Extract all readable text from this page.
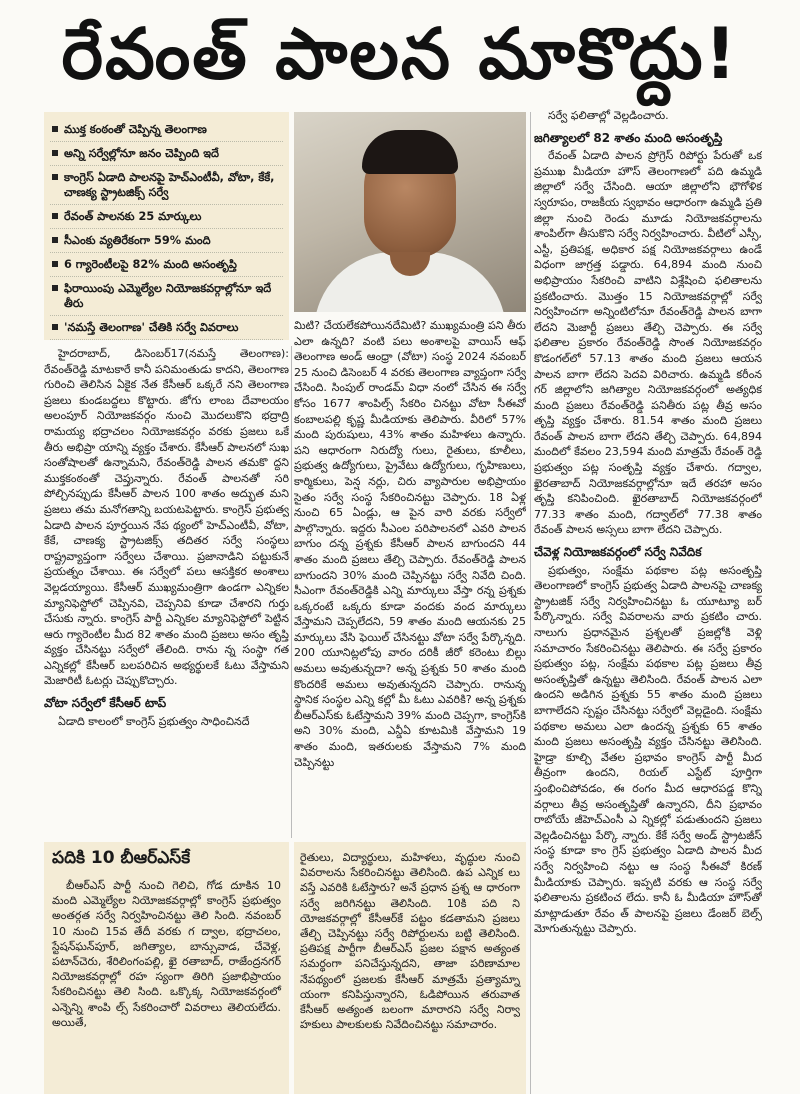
రేవంత్ పాలన మాకొద్దు!
ముక్త కంఠంతో చెప్పిన్న తెలంగాణ
అన్ని సర్వేల్లోనూ జనం చెప్పింది ఇదే
కాంగ్రెస్ ఏడాది పాలనపై హెచ్ఎంటీవీ, వోటా, కేకే, చాణక్య స్ట్రాటజిక్స్ సర్వే
రేవంత్ పాలనకు 25 మార్కులు
సీఎంకు వ్యతిరేకంగా 59% మంది
6 గ్యారెంటీలపై 82% మంది అసంతృప్తి
ఫిరాయింపు ఎమ్మెల్యేల నియోజకవర్గాల్లోనూ ఇదే తీరు
'నమస్తే తెలంగాణ' చేతికి సర్వే వివరాలు

హైదరాబాద్, డిసెంబర్17(నమస్తే తెలంగాణ): రేవంత్‌రెడ్డి మాటకారే కానీ పనిమంతుడు కాదని, తెలంగాణ గురించి తెలిసిన ఏకైక నేత కేసీఆర్ ఒక్కరే నని తెలంగాణ ప్రజలు కుండబద్దలు కొట్టారు. జోగు లాంబ దేవాలయం అలంపూర్ నియోజకవర్గం నుంచి మొదలుకొని భద్రాద్రి రామయ్య భద్రాచలం నియోజకవర్గం వరకు ప్రజలు ఒకే తీరు అభిప్రా యాన్ని వ్యక్తం చేశారు. కేసీఆర్ పాలనలో సుఖ సంతోషాలతో ఉన్నామని, రేవంత్‌రెడ్డి పాలన తమకొ ద్దని ముక్తకంఠంతో చెప్తున్నారు. రేవంత్ పాలనతో సరి పోల్చినప్పుడు కేసీఆర్ పాలన 100 శాతం అద్భుత మని ప్రజలు తమ మనోగతాన్ని బయటపెట్టారు. కాంగ్రెస్ ప్రభుత్వ ఏడాది పాలన పూర్తయిన నేప థ్యంలో హెచ్ఎంటీవీ, వోటా, కేకే, చాణక్య స్ట్రాటజిక్స్ తదితర సర్వే సంస్థలు రాష్ట్రవ్యాప్తంగా సర్వేలు చేశాయి. ప్రజానాడిని పట్టుకునే ప్రయత్నం చేశాయి. ఈ సర్వేలో పలు ఆసక్తికర అంశాలు వెల్లడయ్యాయి. కేసీఆర్ ముఖ్యమంత్రిగా ఉండగా ఎన్నికల మ్యానిఫెస్టోలో చెప్పినవి, చెప్పనివి కూడా చేశారని గుర్తు చేసుకు న్నారు. కాంగ్రెస్ పార్టీ ఎన్నికల మ్యానిఫెస్టోలో పెట్టిన ఆరు గ్యారెంటీల మీద 82 శాతం మంది ప్రజలు అసం తృప్తి వ్యక్తం చేసినట్టు సర్వేలో తేలింది. రాను న్న సంస్థా గత ఎన్నికల్లో కేసీఆర్ బలపరిచిన అభ్యర్థులకే ఓటు వేస్తామని మెజారిటీ ఓటర్లు చెప్పుకొచ్చారు.

వోటా సర్వేలో కేసీఆర్ టాప్

ఏడాది కాలంలో కాంగ్రెస్ ప్రభుత్వం సాధించినదే

మిటి? చేయలేకపోయినదేమిటి? ముఖ్యమంత్రి పని తీరు ఎలా ఉన్నది? వంటి పలు అంశాలపై వాయిస్ ఆఫ్ తెలంగాణ అండ్ ఆంధ్రా (వోటా) సంస్థ 2024 నవంబర్ 25 నుంచి డిసెంబర్ 4 వరకు తెలంగాణ వ్యాప్తంగా సర్వే చేసింది. సింపుల్ రాండమ్ విధా నంలో చేసిన ఈ సర్వే కోసం 1677 శాంపిల్స్ సేకరిం చినట్టు వోటా సీఈవో కంబాలపల్లి కృష్ణ మీడియాకు తెలిపారు. వీరిలో 57% మంది పురుషులు, 43% శాతం మహిళలు ఉన్నారు. పని ఆధారంగా నిరుద్యో గులు, రైతులు, కూలీలు, ప్రభుత్వ ఉద్యోగులు, ప్రైవేటు ఉద్యోగులు, గృహిణులు, కార్మికులు, పెన్ష నర్లు, చిరు వ్యాపారుల అభిప్రాయం సైతం సర్వే సంస్థ సేకరించినట్టు చెప్పారు. 18 ఏళ్ల నుంచి 65 ఏండ్లు, ఆ పైన వారి వరకు సర్వేలో పాల్గొన్నారు. ఇద్దరు సీఎంల పరిపాలనలో ఎవరి పాలన బాగుం దన్న ప్రశ్నకు కేసీఆర్ పాలన బాగుందని 44 శాతం మంది ప్రజలు తేల్చి చెప్పారు. రేవంత్‌రెడ్డి పాలన బాగుందని 30% మంది చెప్పినట్టు సర్వే నివేది చింది. సీఎంగా రేవంత్‌రెడ్డికి ఎన్ని మార్కులు వేస్తా రన్న ప్రశ్నకు ఒక్కరంటే ఒక్కరు కూడా వందకు వంద మార్కులు వేస్తామని చెప్పలేదని, 59 శాతం మంది ఆయనకు 25 మార్కులు వేసి ఫెయిల్ చేసినట్టు వోటా సర్వే పేర్కొన్నది. 200 యూనిట్లలోపు వారం దరికీ జీరో కరెంటు బిల్లు అమలు అవుతున్నదా? అన్న ప్రశ్నకు 50 శాతం మంది కొందరికే అమలు అవుతున్నదని చెప్పారు. రానున్న స్థానిక సంస్థల ఎన్ని కల్లో మీ ఓటు ఎవరికి? అన్న ప్రశ్నకు బీఆర్ఎస్‌కు ఓటేస్తామని 39% మంది చెప్పగా, కాంగ్రెస్‌కి అని 30% మంది, ఎన్డీఏ కూటమికి వేస్తామని 19 శాతం మంది, ఇతరులకు వేస్తామని 7% మంది చెప్పినట్టు

సర్వే ఫలితాల్లో వెల్లడించారు.

జగిత్యాలలో 82 శాతం మంది అసంతృప్తి

రేవంత్ ఏడాది పాలన ప్రోగ్రెస్ రిపోర్టు పేరుతో ఒక ప్రముఖ మీడియా హౌస్ తెలంగాణలో పది ఉమ్మడి జిల్లాలో సర్వే చేసింది. ఆయా జిల్లాలోని భౌగోళిక స్వరూపం, రాజకీయ స్వభావం ఆధారంగా ఉమ్మడి ప్రతి జిల్లా నుంచి రెండు మూడు నియోజకవర్గాలను శాంపిల్‌గా తీసుకొని సర్వే నిర్వహించారు. వీటిలో ఎస్సీ, ఎస్టీ, ప్రతిపక్ష, అధికార పక్ష నియోజకవర్గాలు ఉండే విధంగా జాగ్రత్త పడ్డారు. 64,894 మంది నుంచి అభిప్రాయం సేకరించి వాటిని విశ్లేషించి ఫలితాలను ప్రకటించారు. మొత్తం 15 నియోజకవర్గాల్లో సర్వే నిర్వహించగా అన్నింటిలోనూ రేవంత్‌రెడ్డి పాలన బాగా లేదని మెజార్టీ ప్రజలు తేల్చి చెప్పారు. ఈ సర్వే ఫలితాల ప్రకారం రేవంత్‌రెడ్డి సొంత నియోజకవర్గం కొడంగల్‌లో 57.13 శాతం మంది ప్రజలు ఆయన పాలన బాగా లేదని పెదవి విరిచారు. ఉమ్మడి కరీంన గర్ జిల్లాలోని జగిత్యాల నియోజకవర్గంలో అత్యధిక మంది ప్రజలు రేవంత్‌రెడ్డి పనితీరు పట్ల తీవ్ర అసం తృప్తి వ్యక్తం చేశారు. 81.54 శాతం మంది ప్రజలు రేవంత్ పాలన బాగా లేదని తేల్చి చెప్పారు. 64,894 మందిలో కేవలం 23,594 మంది మాత్రమే రేవంత్ రెడ్డి ప్రభుత్వం పట్ల సంతృప్తి వ్యక్తం చేశారు. గద్వాల, ఖైరతాబాద్ నియోజకవర్గాల్లోనూ ఇదే తరహా అసం తృప్తి కనిపించింది. ఖైరతాబాద్ నియోజకవర్గంలో 77.33 శాతం మంది, గద్వాల్‌లో 77.38 శాతం రేవంత్ పాలన అస్సలు బాగా లేదని చెప్పారు.

చేవెళ్ల నియోజకవర్గంలో సర్వే నివేదిక

ప్రభుత్వం, సంక్షేమ పథకాల పట్ల అసంతృప్తి తెలంగాణలో కాంగ్రెస్ ప్రభుత్వ ఏడాది పాలనపై చాణక్య స్ట్రాటజిక్ సర్వే నిర్వహించినట్టు ఓ యూట్యూ బర్ పేర్కొన్నారు. సర్వే వివరాలను వారు ప్రకటిం చారు. నాలుగు ప్రధానమైన ప్రశ్నలతో ప్రజల్లోకి వెళ్లి సమాచారం సేకరించినట్టు తెలిపారు. ఈ సర్వే ప్రకారం ప్రభుత్వం పట్ల, సంక్షేమ పథకాల పట్ల ప్రజలు తీవ్ర అసంతృప్తితో ఉన్నట్టు తెలిసింది. రేవంత్ పాలన ఎలా ఉందని అడిగిన ప్రశ్నకు 55 శాతం మంది ప్రజలు బాగాలేదని స్పష్టం చేసినట్టు సర్వేలో వెల్లడైంది. సంక్షేమ పథకాల అమలు ఎలా ఉందన్న ప్రశ్నకు 65 శాతం మంది ప్రజలు అసంతృప్తి వ్యక్తం చేసినట్టు తెలిసింది. హైడ్రా కూల్చి వేతల ప్రభావం కాంగ్రెస్ పార్టీ మీద తీవ్రంగా ఉందని, రియల్ ఎస్టేట్ పూర్తిగా స్తంభించిపోవడం, ఈ రంగం మీద ఆధారపడ్డ కొన్ని వర్గాలు తీవ్ర అసంతృప్తితో ఉన్నారని, దీని ప్రభావం రాబోయే జీహెచ్ఎంసీ ఎ న్నికల్లో పడుతుందని ప్రజలు వెల్లడించినట్టు పేర్కొ న్నారు. కేకే సర్వే అండ్ స్ట్రాటజీస్ సంస్థ కూడా కాం గ్రెస్ ప్రభుత్వం ఏడాది పాలన మీద సర్వే నిర్వహించి నట్టు ఆ సంస్థ సీఈవో కిరణ్ మీడియాకు చెప్పారు. ఇప్పటి వరకు ఆ సంస్థ సర్వే ఫలితాలను ప్రకటించ లేదు. కానీ ఓ మీడియా హౌస్‌తో మాట్లాడుతూ రేవం త్ పాలనపై ప్రజలు డేంజర్ బెల్స్ మోగుతున్నట్టు చెప్పారు.

పదికి 10 బీఆర్ఎస్‌కే

బీఆర్ఎస్ పార్టీ నుంచి గెలిచి, గోడ దూకిన 10 మంది ఎమ్మెల్యేల నియోజకవర్గాల్లో కాంగ్రెస్ ప్రభుత్వం అంతర్గత సర్వే నిర్వహించినట్టు తెలి సింది. నవంబర్ 10 నుంచి 15వ తేదీ వరకు గ ద్వాల, భద్రాచలం, స్టేషన్‌ఘన్‌పూర్, జగిత్యాల, బాన్సువాడ, చేవెళ్ల, పటాన్‌చెరు, శేరిలింగంపల్లి, ఖై రతాబాద్, రాజేంద్రనగర్ నియోజకవర్గాల్లో రహ స్యంగా తిరిగి ప్రజాభిప్రాయం సేకరించినట్టు తెలి సింది. ఒక్కొక్క నియోజకవర్గంలో ఎన్నెన్ని శాంపి ల్స్ సేకరించారో వివరాలు తెలియలేదు. అయితే,

రైతులు, విద్యార్థులు, మహిళలు, వృద్ధుల నుంచి వివరాలను సేకరించినట్టు తెలిసింది. ఉప ఎన్నిక లు వస్తే ఎవరికి ఓటేస్తారు? అనే ప్రధాన ప్రశ్న ఆ ధారంగా సర్వే జరిగినట్టు తెలిసింది. 10కి పది ని యోజకవర్గాల్లో కేసీఆర్‌కే పట్టం కడతామని ప్రజలు తేల్చి చెప్పినట్టు సర్వే రిపోర్టులను బట్టి తెలిసింది. ప్రతిపక్ష పార్టీగా బీఆర్ఎస్ ప్రజల పక్షాన అత్యంత సమర్థంగా పనిచేస్తున్నదని, తాజా పరిణామాల నేపథ్యంలో ప్రజలకు కేసీఆర్ మాత్రమే ప్రత్యామ్నా యంగా కనిపిస్తున్నారని, ఓడిపోయిన తరువాత కేసీఆర్ అత్యంత బలంగా మారారని సర్వే నిర్వా హకులు పాలకులకు నివేదించినట్టు సమాచారం.
